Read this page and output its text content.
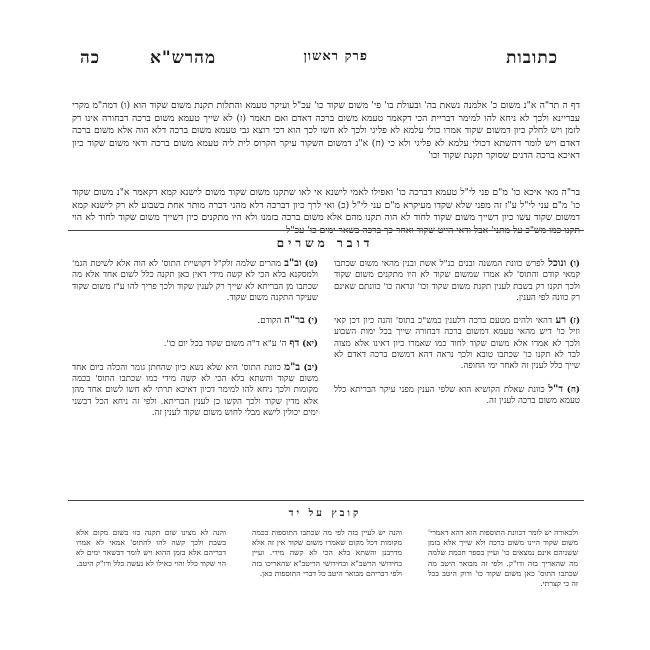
כתובות
פרק ראשון
מהרש"א
כה
דף ה תד"ה א"נ משום כ' אלמנה נשאת בה' ובעולת בו' פי' משום שקוד כו' עכ"ל ועיקר טעמא והתלות תקנת משום שקוד הוא (ו) דמה"מ מקרי עבריינא ולכך לא ניחא להו למימר דבריית הכי דקאמר טעמא משום ברכה דאדם ואם תאמר (ז) לא שייך טעמא משום ברכה דבחורה אינו רק לזמן ויש לחלק כיון דמשום שקוד אמרו כולי עלמא לא פליגי ולכך לא חשו לכך הוא דכי רוצא גבי טעמא משום ברכה דלא הוה אלא משום ברכה דאדם ויש לומר דהשתא דכולי עלמא לא פליגי ולא כי (ח) א"נ דמשום השקוד עיקר הקרוס לית ליה טעמא משום ברכה ודאי משום שקוד כיון דאיכא ברכה הדנים שסוקר תקנת שקוד וכו'
בר"ה מאי איכא כו' מ"ם פני לי"ל טעמא דברכה כו' ואפילו לאמי לישנא אי לאו שתקנו משום שקוד משום לישנא קמא דקאמר א"נ משום שקוד כו' מ"ם עני לי"ל ע"ז זה מפני שלא שקדו מעיקרא מ"ם עני לי"ל (כ) ואי לרך כיון דברכה דלא מהני דברה מותר אחת בשבוע לא רק לישנא קמא דמשום שקוד עשו כיון דשייך משום שקוד לחוד לא הוה תקנו מהם אלא משום ברכה בזמנו ולא היו מתקנים כיון דשייך משום שקוד לחוד לא הוי תקנו כמו מש"כ על מתני' אבל ודאי הייט שקוד ואחר כך ברכה בשאר ימים כו' עכ"ל
דובר משרים
(ו) ונוכל לפרש כוונת המשנה ובנים כנ"ל אשת ובנין מהאי משום שכתבו קמאי קודם והתוס' לא אמרו שמשום שקוד לא היו מתקנים משום שקוד ולכך תקנו רק בשבת לענין תקנת משום שקוד וכו' ונראה כו' כוונתם שאינם רק כוונה לפי הענין.
(ז) רע דהאי ולהים מטעם ברכה דלענין כמש"כ בתוס' והנה כיון דכן קאי וזיל כו' דיש מהאי טעמא דמשום ברכה דבחורה שייך בכל ימות השבוע ולכך לא אמרו אלא משום שקוד לחוד כמו שאמרו כיון דאינו אלא מצוה לבד לא תקנו כו' שכתבו טובא ולכך נראה דהא דמשום ברכה דאדם לא שייך כלל לענין זה לאחר ימי החופה.
(ח) ד"ל כוונת שאלת הקושיא הוא שלפי הענין מפני עיקר הבריתא כלל טעמא משום ברכה לענין זה.
(ט) וב"ב מהרים שלמה זלק"ל דקושיית התוס' לא הוה אלא לשיטת הגמ' ולמסקנא בלא הכי לא קשה מידי דאין כאן תקנה כלל לשום אחד אלא מה שכתבו מן הבריתא לא שייך רק לענין שקוד ולכך פריך להו ע"ז משום שקוד שעיקר התקנה משום שקוד.
(י) בר"ה הקודם.
(יא) דף ה' ע"א ד"ה משום שקוד בכל יום כו'.
(יב) ב"מ כוונת התוס' היא שלא נשא כיון שהחתן גומר והכלה ביום אחד משום שקוד והשתא בלא הכי לא קשה מידי כמו שכתבו התוס' בכמה מקומות ולכך ניחא להו למימר דכיון דאיכא תרתי לא חשו לשום אחד מהן אלא מדין שקוד ולכך הקשו כן לענין הבריתא. ולפי זה ניחא הכל דבשני ימים יכולין לישא מבלי לחוש משום שקוד לענין זה.
קובץ על יד
ולכאורה יש לומר דכוונת התוספות הוא דהא דאמרי' משום שקוד היינו משום ברכה ולא שייך אלא בזמן ששניהם אינם נמצאים כו' ועיין בספר חכמת שלמה מה שהאריך בזה ודו"ק. ולפי זה מבואר היטב מה שכתבו התוס' כאן משום שקוד כו' ודוק היטב בכל זה כי קצרתי.
והנה יש לעיין בזה לפי מה שכתבו התוספות בכמה מקומות דכל מקום שאמרו משום שקוד אין זה אלא מדרבנן והשתא בלא הכי לא קשה מידי. ועיין בחידושי הרשב"א ובחידושי הריטב"א שהאריכו בזה ולפי דבריהם מבואר היטב כל דברי התוספות כאן.
והנה לא מצינו שום תקנה כזו בשום מקום אלא בשבת ולכך קשה להו להתוס' אמאי לא אמרו דבריהם אלא בזמן ההוא ויש לומר דבשאר ימים לא הוי שקוד כלל והוי כאילו לא נעשה כלל ודו"ק היטב.
